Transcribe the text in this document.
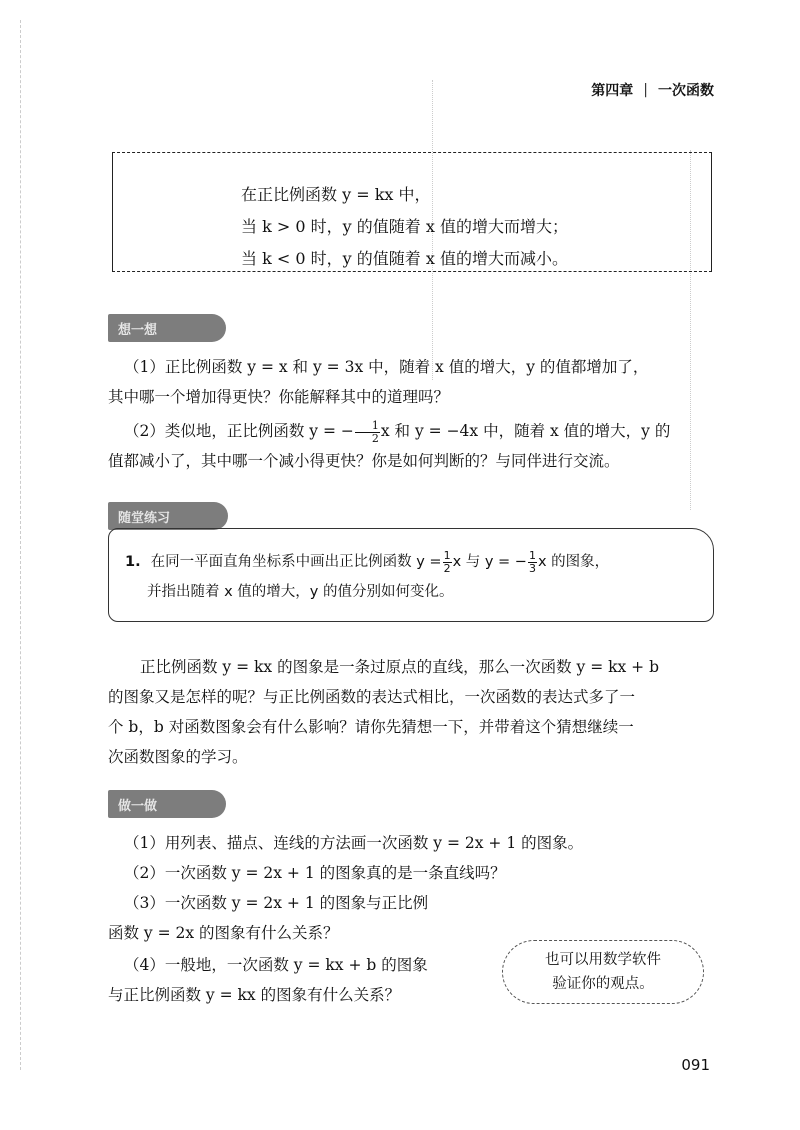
第四章 | 一次函数
在正比例函数 y = kx 中，
当 k > 0 时，y 的值随着 x 值的增大而增大；
当 k < 0 时，y 的值随着 x 值的增大而减小。
想一想

（1）正比例函数 y = x 和 y = 3x 中，随着 x 值的增大，y 的值都增加了，

其中哪一个增加得更快？你能解释其中的道理吗？

（2）类似地，正比例函数 y = − $\frac{1}{2}$ x 和 y = −4x 中，随着 x 值的增大，y 的

值都减小了，其中哪一个减小得更快？你是如何判断的？与同伴进行交流。

随堂练习
1. 在同一平面直角坐标系中画出正比例函数 $y = \frac{1}{2}$ x 与 y = − $\frac{1}{3}$ x 的图象，
并指出随着 x 值的增大，y 的值分别如何变化。

正比例函数 y = kx 的图象是一条过原点的直线，那么一次函数 y = kx + b

的图象又是怎样的呢？与正比例函数的表达式相比，一次函数的表达式多了一

个 b，b 对函数图象会有什么影响？请你先猜想一下，并带着这个猜想继续一

次函数图象的学习。

做一做

（1）用列表、描点、连线的方法画一次函数 y = 2x + 1 的图象。

（2）一次函数 y = 2x + 1 的图象真的是一条直线吗？

（3）一次函数 y = 2x + 1 的图象与正比例

函数 y = 2x 的图象有什么关系？

（4）一般地，一次函数 y = kx + b 的图象

与正比例函数 y = kx 的图象有什么关系？

也可以用数学软件
验证你的观点。
091
